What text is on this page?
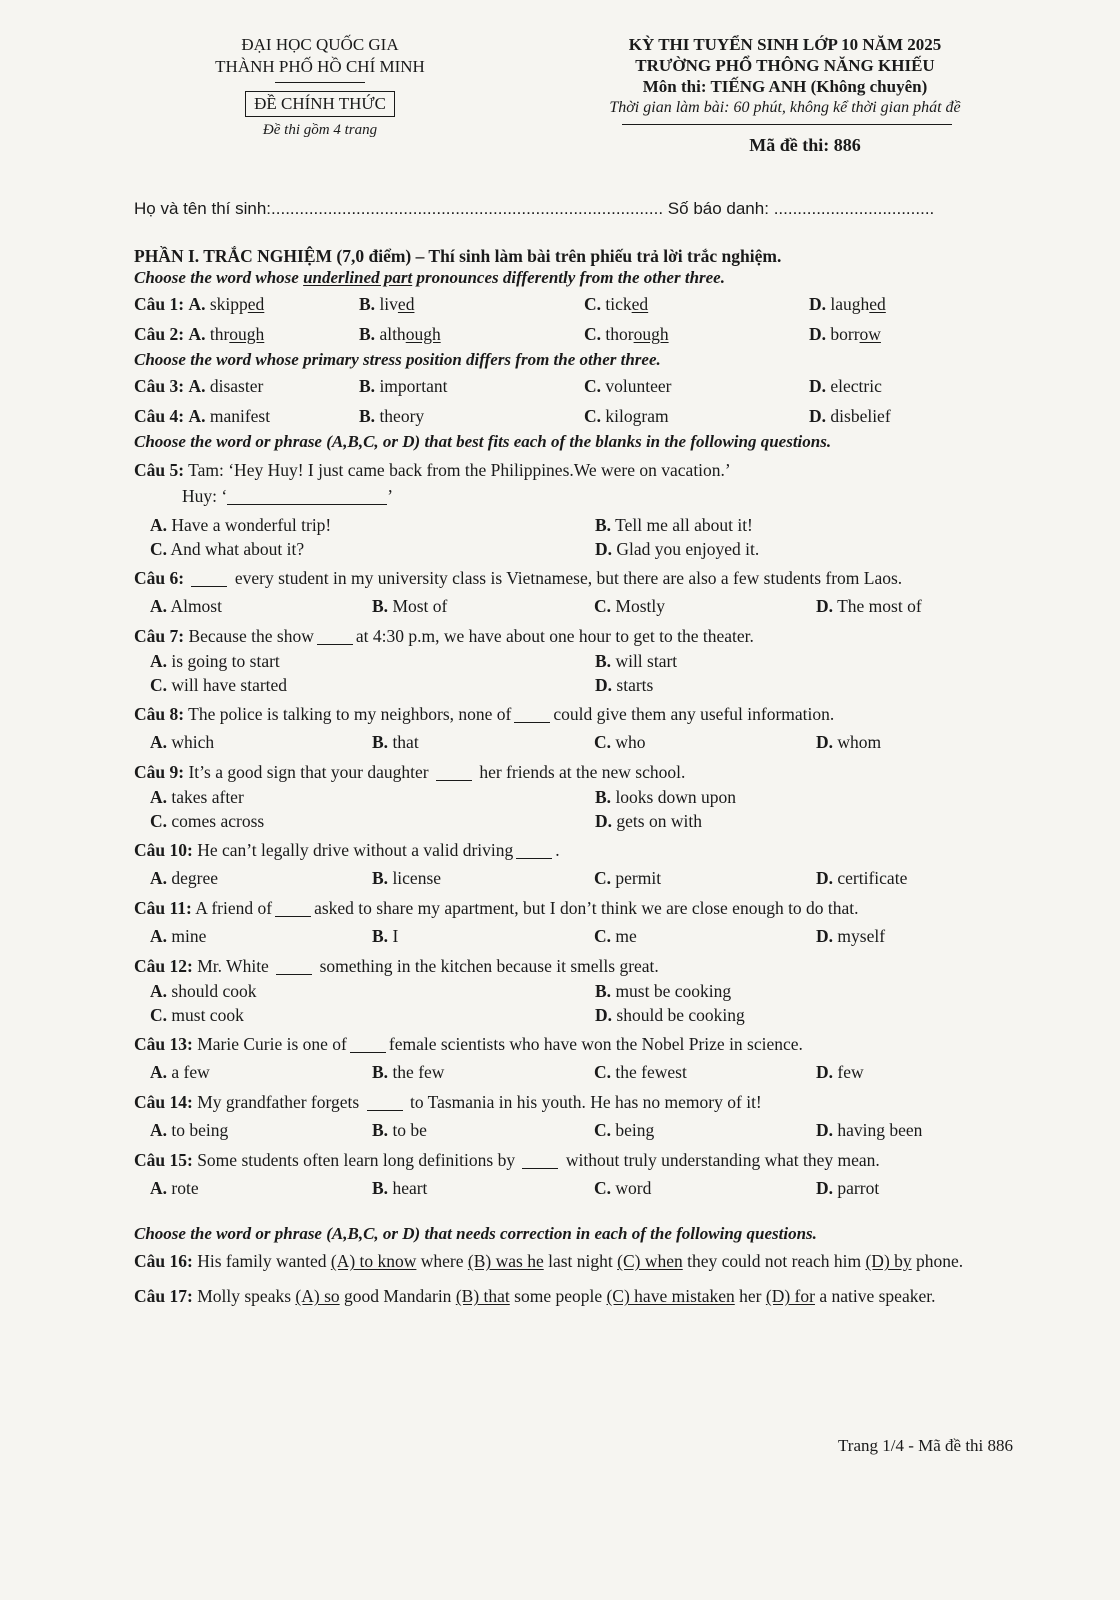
ĐẠI HỌC QUỐC GIA
THÀNH PHỐ HỒ CHÍ MINH
ĐỀ CHÍNH THỨC
Đề thi gồm 4 trang
KỲ THI TUYỂN SINH LỚP 10 NĂM 2025
TRƯỜNG PHỔ THÔNG NĂNG KHIẾU
Môn thi: TIẾNG ANH (Không chuyên)
Thời gian làm bài: 60 phút, không kể thời gian phát đề
Mã đề thi: 886
Họ và tên thí sinh:................................................................................... Số báo danh: ..................................
PHẦN I. TRẮC NGHIỆM (7,0 điểm) – Thí sinh làm bài trên phiếu trả lời trắc nghiệm.
Choose the word whose underlined part pronounces differently from the other three.
Câu 1: A. skipped	B. lived	C. ticked	D. laughed
Câu 2: A. through	B. although	C. thorough	D. borrow
Choose the word whose primary stress position differs from the other three.
Câu 3: A. disaster	B. important	C. volunteer	D. electric
Câu 4: A. manifest	B. theory	C. kilogram	D. disbelief
Choose the word or phrase (A,B,C, or D) that best fits each of the blanks in the following questions.
Câu 5: Tam: ‘Hey Huy! I just came back from the Philippines.We were on vacation.’
Huy: ‘	’
A. Have a wonderful trip!	B. Tell me all about it!
C. And what about it?	D. Glad you enjoyed it.
Câu 6:	every student in my university class is Vietnamese, but there are also a few students from Laos.
A. Almost	B. Most of	C. Mostly	D. The most of
Câu 7: Because the show at 4:30 p.m, we have about one hour to get to the theater.
A. is going to start	B. will start
C. will have started	D. starts
Câu 8: The police is talking to my neighbors, none of could give them any useful information.
A. which	B. that	C. who	D. whom
Câu 9: It’s a good sign that your daughter	her friends at the new school.
A. takes after	B. looks down upon
C. comes across	D. gets on with
Câu 10: He can’t legally drive without a valid driving .
A. degree	B. license	C. permit	D. certificate
Câu 11: A friend of asked to share my apartment, but I don’t think we are close enough to do that.
A. mine	B. I	C. me	D. myself
Câu 12: Mr. White	something in the kitchen because it smells great.
A. should cook	B. must be cooking
C. must cook	D. should be cooking
Câu 13: Marie Curie is one of female scientists who have won the Nobel Prize in science.
A. a few	B. the few	C. the fewest	D. few
Câu 14: My grandfather forgets	to Tasmania in his youth. He has no memory of it!
A. to being	B. to be	C. being	D. having been
Câu 15: Some students often learn long definitions by	without truly understanding what they mean.
A. rote	B. heart	C. word	D. parrot
Choose the word or phrase (A,B,C, or D) that needs correction in each of the following questions.
Câu 16: His family wanted (A) to know where (B) was he last night (C) when they could not reach him (D) by phone.
Câu 17: Molly speaks (A) so good Mandarin (B) that some people (C) have mistaken her (D) for a native speaker.
Trang 1/4 - Mã đề thi 886
